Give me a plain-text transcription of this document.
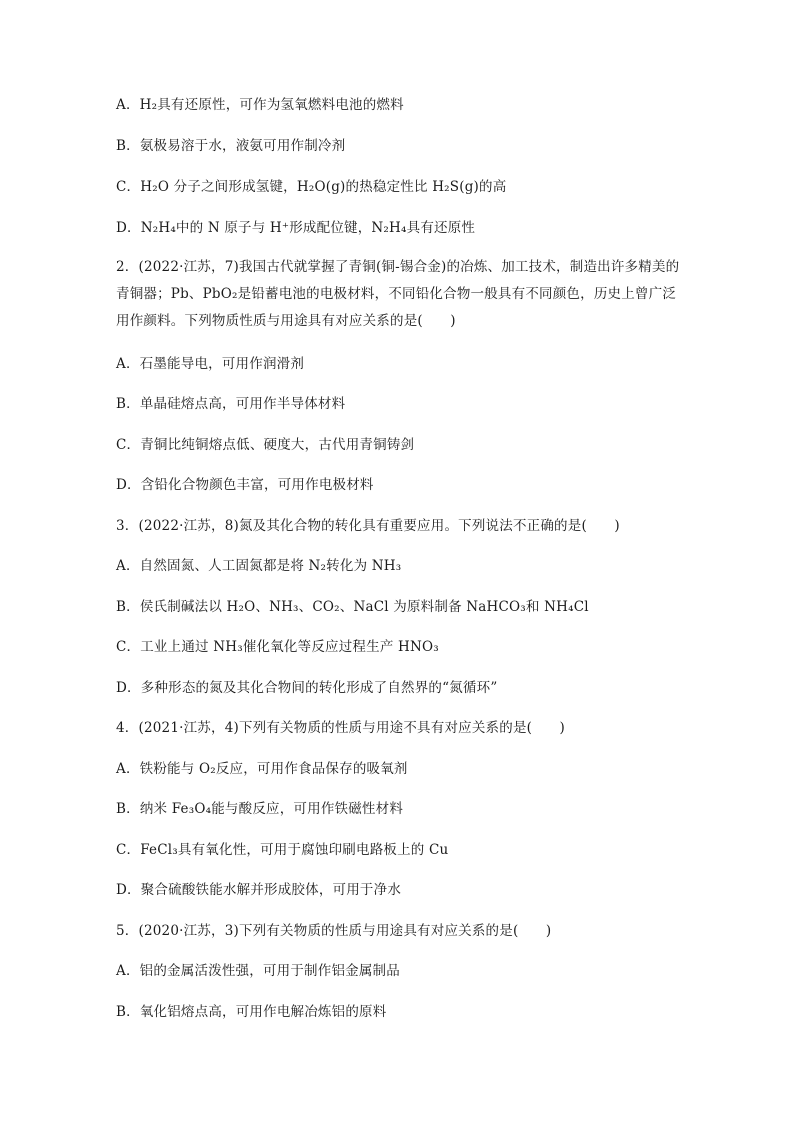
A．H₂具有还原性，可作为氢氧燃料电池的燃料
B．氨极易溶于水，液氨可用作制冷剂
C．H₂O 分子之间形成氢键，H₂O(g)的热稳定性比 H₂S(g)的高
D．N₂H₄中的 N 原子与 H⁺形成配位键，N₂H₄具有还原性
2．(2022·江苏，7)我国古代就掌握了青铜(铜-锡合金)的冶炼、加工技术，制造出许多精美的
青铜器；Pb、PbO₂是铅蓄电池的电极材料，不同铅化合物一般具有不同颜色，历史上曾广泛
用作颜料。下列物质性质与用途具有对应关系的是(　　)
A．石墨能导电，可用作润滑剂
B．单晶硅熔点高，可用作半导体材料
C．青铜比纯铜熔点低、硬度大，古代用青铜铸剑
D．含铅化合物颜色丰富，可用作电极材料
3．(2022·江苏，8)氮及其化合物的转化具有重要应用。下列说法不正确的是(　　)
A．自然固氮、人工固氮都是将 N₂转化为 NH₃
B．侯氏制碱法以 H₂O、NH₃、CO₂、NaCl 为原料制备 NaHCO₃和 NH₄Cl
C．工业上通过 NH₃催化氧化等反应过程生产 HNO₃
D．多种形态的氮及其化合物间的转化形成了自然界的“氮循环”
4．(2021·江苏，4)下列有关物质的性质与用途不具有对应关系的是(　　)
A．铁粉能与 O₂反应，可用作食品保存的吸氧剂
B．纳米 Fe₃O₄能与酸反应，可用作铁磁性材料
C．FeCl₃具有氧化性，可用于腐蚀印刷电路板上的 Cu
D．聚合硫酸铁能水解并形成胶体，可用于净水
5．(2020·江苏，3)下列有关物质的性质与用途具有对应关系的是(　　)
A．铝的金属活泼性强，可用于制作铝金属制品
B．氧化铝熔点高，可用作电解冶炼铝的原料
